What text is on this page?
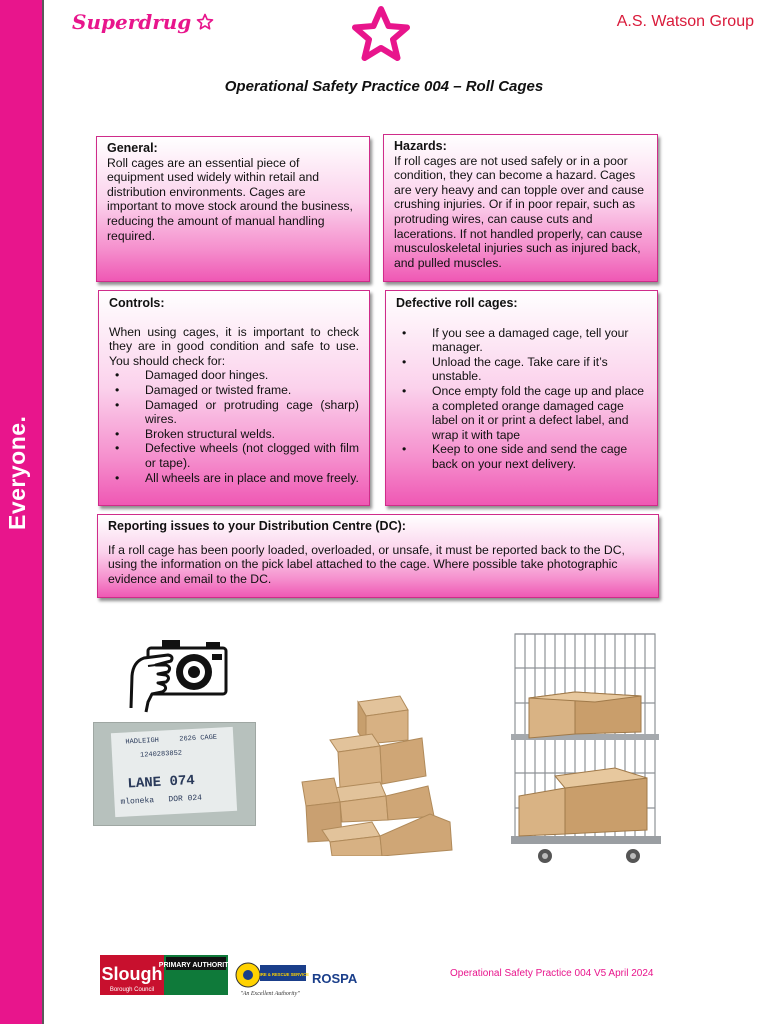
Everyone.
Superdrug	A.S. Watson Group
Operational Safety Practice 004 – Roll Cages
General:

Roll cages are an essential piece of equipment used widely within retail and distribution environments. Cages are important to move stock around the business, reducing the amount of manual handling required.

Hazards:

If roll cages are not used safely or in a poor condition, they can become a hazard. Cages are very heavy and can topple over and cause crushing injuries. Or if in poor repair, such as protruding wires, can cause cuts and lacerations. If not handled properly, can cause musculoskeletal injuries such as injured back, and pulled muscles.

Controls:

When using cages, it is important to check they are in good condition and safe to use. You should check for:

• Damaged door hinges.
• Damaged or twisted frame.
• Damaged or protruding cage (sharp) wires.
• Broken structural welds.
• Defective wheels (not clogged with film or tape).
• All wheels are in place and move freely.
Defective roll cages:
• If you see a damaged cage, tell your manager.
• Unload the cage. Take care if it’s unstable.
• Once empty fold the cage up and place a completed orange damaged cage label on it or print a defect label, and wrap it with tape
• Keep to one side and send the cage back on your next delivery.
Reporting issues to your Distribution Centre (DC):

If a roll cage has been poorly loaded, overloaded, or unsafe, it must be reported back to the DC, using the information on the pick label attached to the cage. Where possible take photographic evidence and email to the DC.

HADLEIGH	2626 CAGE
1240283852
LANE 074
mloneka DOR 024
Slough
Borough Council
PRIMARY AUTHORITY
FIRE & RESCUE SERVICE
"An Excellent Authority"
ROSPA	Operational Safety Practice 004 V5 April 2024
